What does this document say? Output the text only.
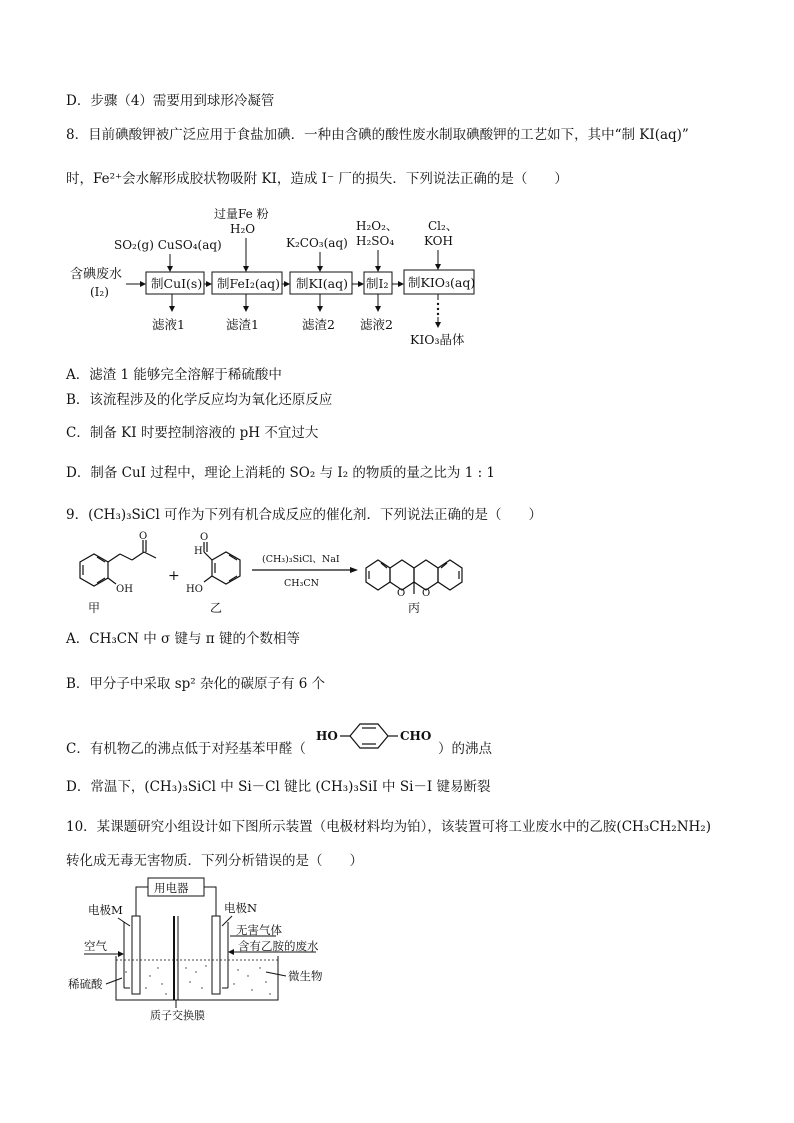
D．步骤（4）需要用到球形冷凝管
8．目前碘酸钾被广泛应用于食盐加碘．一种由含碘的酸性废水制取碘酸钾的工艺如下，其中“制 KI(aq)”
时，Fe²⁺会水解形成胶状物吸附 KI，造成 I⁻ 厂的损失．下列说法正确的是（　　）
含碘废水
(I₂)
制CuI(s)
SO₂(g) CuSO₄(aq)
滤液1
制FeI₂(aq)
过量Fe 粉
H₂O
滤渣1
制KI(aq)
K₂CO₃(aq)
滤渣2
制I₂
H₂O₂、
H₂SO₄
滤液2
制KIO₃(aq)
Cl₂、
KOH
KIO₃晶体
A．滤渣 1 能够完全溶解于稀硫酸中
B．该流程涉及的化学反应均为氧化还原反应
C．制备 KI 时要控制溶液的 pH 不宜过大
D．制备 CuI 过程中，理论上消耗的 SO₂ 与 I₂ 的物质的量之比为 1 : 1
9．(CH₃)₃SiCl 可作为下列有机合成反应的催化剂．下列说法正确的是（　　）
O
OH
甲
+
O
H
HO
乙
(CH₃)₃SiCl、NaI
CH₃CN
O O
丙
A．CH₃CN 中 σ 键与 π 键的个数相等
B．甲分子中采取 sp² 杂化的碳原子有 6 个
C．有机物乙的沸点低于对羟基苯甲醛（
HO	CHO
）的沸点
D．常温下，(CH₃)₃SiCl 中 Si－Cl 键比 (CH₃)₃SiI 中 Si－I 键易断裂
10．某课题研究小组设计如下图所示装置（电极材料均为铂），该装置可将工业废水中的乙胺(CH₃CH₂NH₂)
转化成无毒无害物质．下列分析错误的是（　　）
用电器
电极M	电极N
空气
无害气体
含有乙胺的废水
稀硫酸
微生物
质子交换膜
